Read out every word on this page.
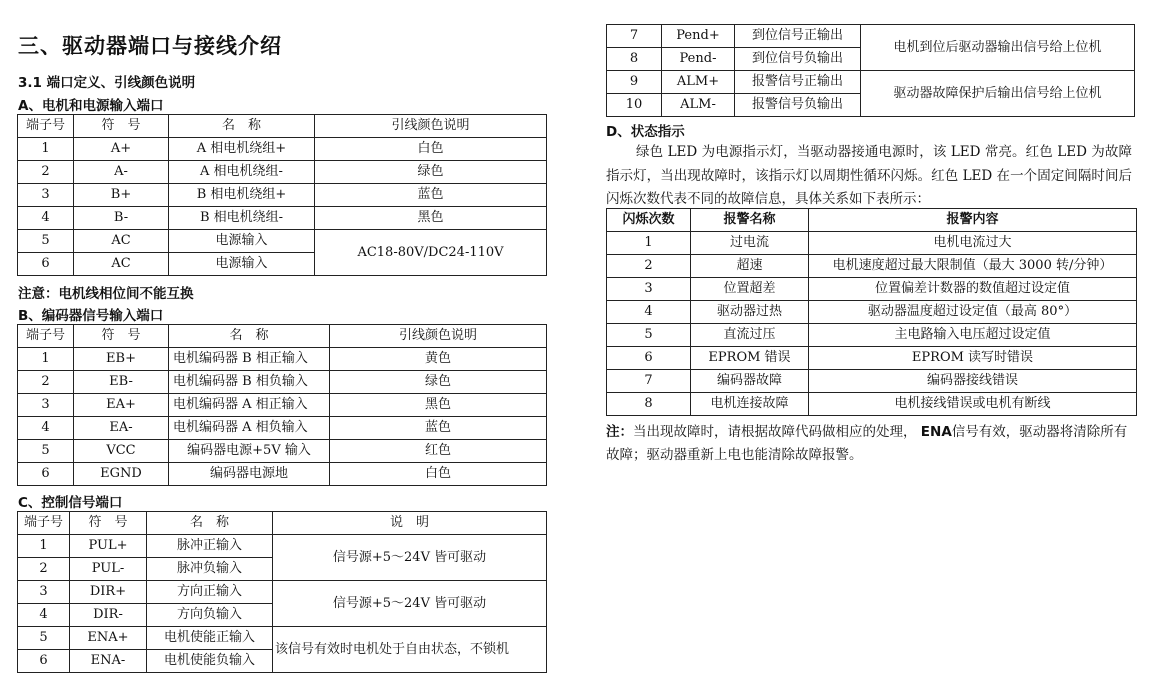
三、驱动器端口与接线介绍
3.1 端口定义、引线颜色说明
A、电机和电源输入端口
端子号	符　号	名　称	引线颜色说明
1	A+	A 相电机绕组+	白色
2	A-	A 相电机绕组-	绿色
3	B+	B 相电机绕组+	蓝色
4	B-	B 相电机绕组-	黑色
5	AC	电源输入	AC18-80V/DC24-110V
6	AC	电源输入	
注意：电机线相位间不能互换
B、编码器信号输入端口
端子号	符　号	名　称	引线颜色说明
1	EB+	电机编码器 B 相正输入	黄色
2	EB-	电机编码器 B 相负输入	绿色
3	EA+	电机编码器 A 相正输入	黑色
4	EA-	电机编码器 A 相负输入	蓝色
5	VCC	编码器电源+5V 输入	红色
6	EGND	编码器电源地	白色
C、控制信号端口
端子号	符　号	名　称	说　明
1	PUL+	脉冲正输入	信号源+5～24V 皆可驱动
2	PUL-	脉冲负输入	
3	DIR+	方向正输入	信号源+5～24V 皆可驱动
4	DIR-	方向负输入	
5	ENA+	电机使能正输入	该信号有效时电机处于自由状态，不锁机
6	ENA-	电机使能负输入	
7	Pend+	到位信号正输出	电机到位后驱动器输出信号给上位机
8	Pend-	到位信号负输出	
9	ALM+	报警信号正输出	驱动器故障保护后输出信号给上位机
10	ALM-	报警信号负输出	
D、状态指示
绿色 LED 为电源指示灯，当驱动器接通电源时，该 LED 常亮。红色 LED 为故障指示灯，当出现故障时，该指示灯以周期性循环闪烁。红色 LED 在一个固定间隔时间后闪烁次数代表不同的故障信息，具体关系如下表所示：
闪烁次数	报警名称	报警内容
1	过电流	电机电流过大
2	超速	电机速度超过最大限制值（最大 3000 转/分钟）
3	位置超差	位置偏差计数器的数值超过设定值
4	驱动器过热	驱动器温度超过设定值（最高 80°）
5	直流过压	主电路输入电压超过设定值
6	EPROM 错误	EPROM 读写时错误
7	编码器故障	编码器接线错误
8	电机连接故障	电机接线错误或电机有断线
注：当出现故障时，请根据故障代码做相应的处理， ENA信号有效，驱动器将清除所有故障；驱动器重新上电也能清除故障报警。
